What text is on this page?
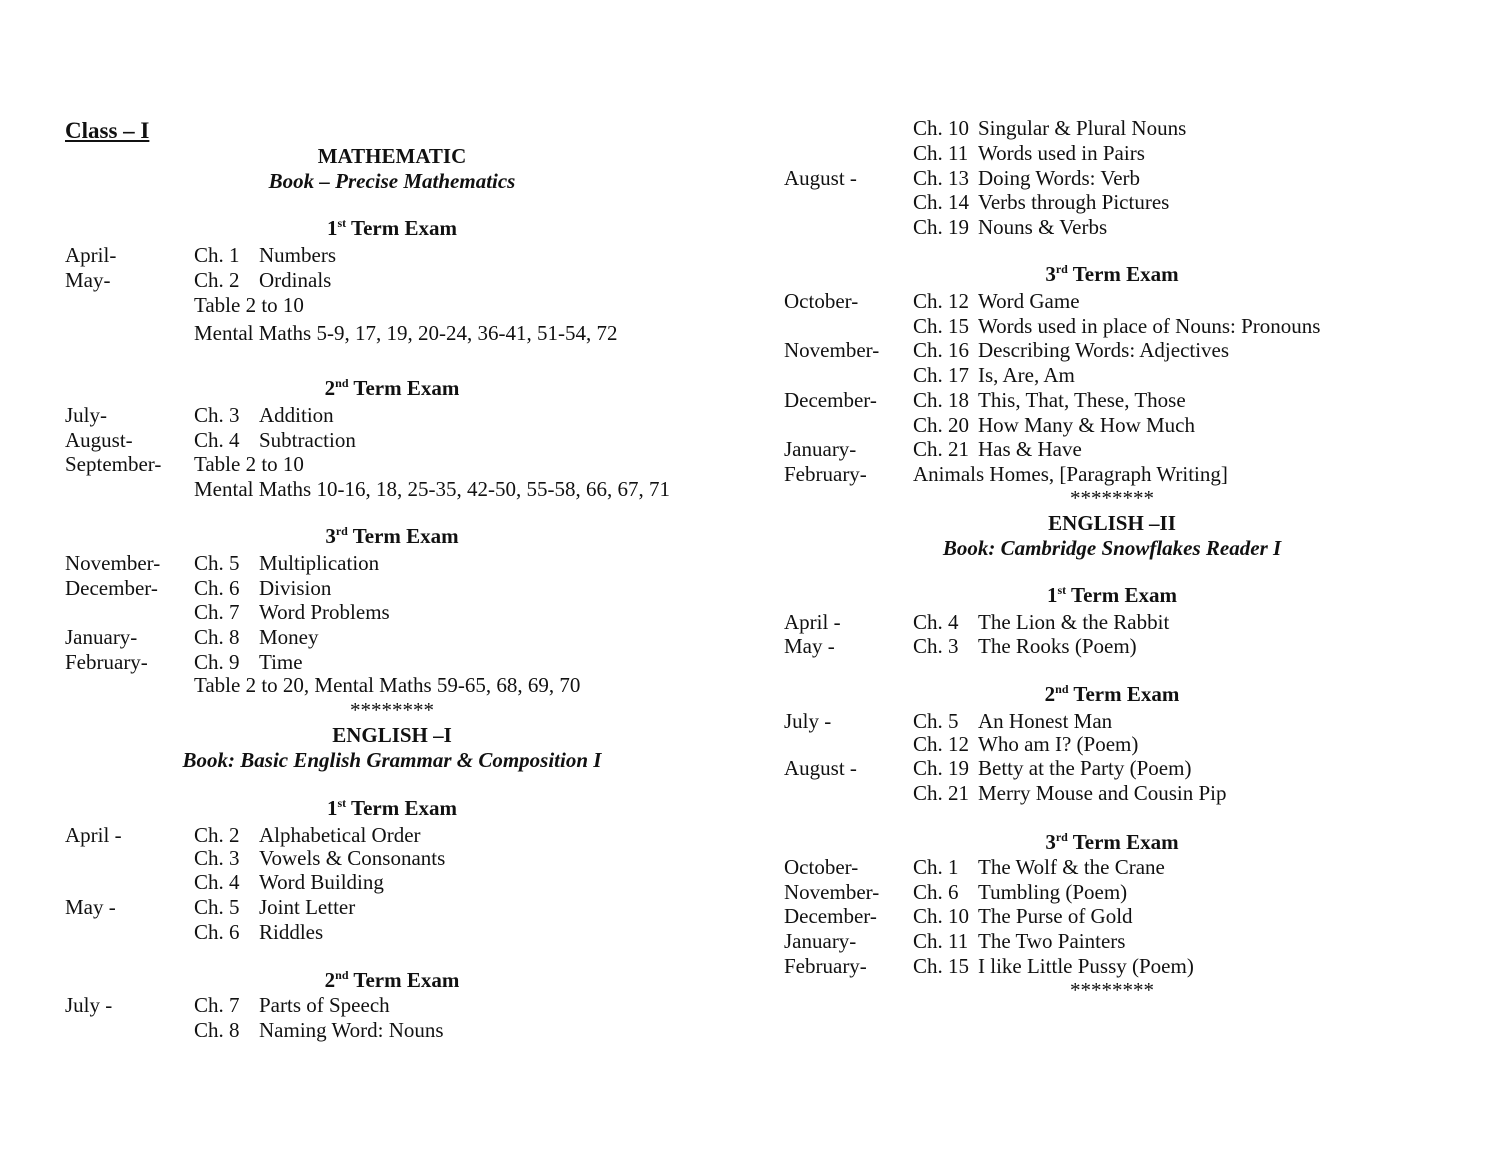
Class – I
MATHEMATIC
Book – Precise Mathematics
1st Term Exam
April-	Ch. 1 Numbers
May-	Ch. 2 Ordinals
Table 2 to 10
Mental Maths 5-9, 17, 19, 20-24, 36-41, 51-54, 72
2nd Term Exam
July-	Ch. 3 Addition
August-	Ch. 4 Subtraction
September- Table 2 to 10
Mental Maths 10-16, 18, 25-35, 42-50, 55-58, 66, 67, 71
3rd Term Exam
November- Ch. 5 Multiplication
December- Ch. 6 Division
Ch. 7 Word Problems
January-	Ch. 8 Money
February- Ch. 9 Time
Table 2 to 20, Mental Maths 59-65, 68, 69, 70
********
ENGLISH –I
Book: Basic English Grammar & Composition I
1st Term Exam
April -	Ch. 2 Alphabetical Order
Ch. 3 Vowels & Consonants
Ch. 4 Word Building
May -	Ch. 5 Joint Letter
Ch. 6 Riddles
2nd Term Exam
July -	Ch. 7 Parts of Speech
Ch. 8 Naming Word: Nouns
Ch. 10 Singular & Plural Nouns
Ch. 11 Words used in Pairs
August -	Ch. 13 Doing Words: Verb
Ch. 14 Verbs through Pictures
Ch. 19 Nouns & Verbs
3rd Term Exam
October-	Ch. 12 Word Game
Ch. 15 Words used in place of Nouns: Pronouns
November- Ch. 16 Describing Words: Adjectives
Ch. 17 Is, Are, Am
December- Ch. 18 This, That, These, Those
Ch. 20 How Many & How Much
January-	Ch. 21 Has & Have
February- Animals Homes, [Paragraph Writing]
********
ENGLISH –II
Book: Cambridge Snowflakes Reader I
1st Term Exam
April -	Ch. 4 The Lion & the Rabbit
May -	Ch. 3 The Rooks (Poem)
2nd Term Exam
July -	Ch. 5 An Honest Man
Ch. 12 Who am I? (Poem)
August -	Ch. 19 Betty at the Party (Poem)
Ch. 21 Merry Mouse and Cousin Pip
3rd Term Exam
October-	Ch. 1 The Wolf & the Crane
November- Ch. 6 Tumbling (Poem)
December- Ch. 10 The Purse of Gold
January-	Ch. 11 The Two Painters
February- Ch. 15 I like Little Pussy (Poem)
********
